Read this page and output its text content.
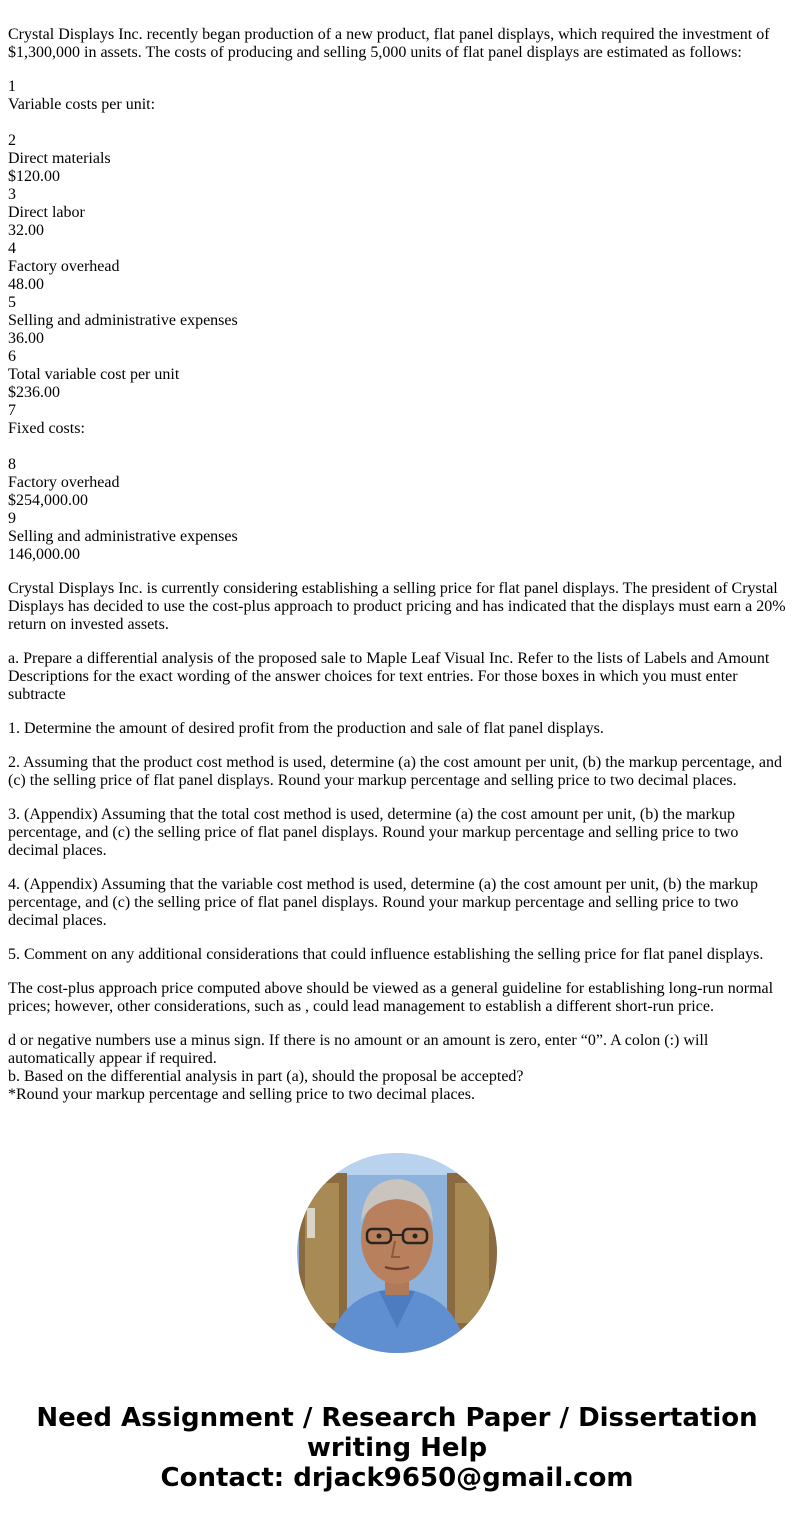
Crystal Displays Inc. recently began production of a new product, flat panel displays, which required the investment of $1,300,000 in assets. The costs of producing and selling 5,000 units of flat panel displays are estimated as follows:

1
Variable costs per unit:
2
Direct materials
$120.00
3
Direct labor
32.00
4
Factory overhead
48.00
5
Selling and administrative expenses
36.00
6
Total variable cost per unit
$236.00
7
Fixed costs:
8
Factory overhead
$254,000.00
9
Selling and administrative expenses
146,000.00

Crystal Displays Inc. is currently considering establishing a selling price for flat panel displays. The president of Crystal Displays has decided to use the cost-plus approach to product pricing and has indicated that the displays must earn a 20% return on invested assets.

a. Prepare a differential analysis of the proposed sale to Maple Leaf Visual Inc. Refer to the lists of Labels and Amount Descriptions for the exact wording of the answer choices for text entries. For those boxes in which you must enter subtracte

1. Determine the amount of desired profit from the production and sale of flat panel displays.

2. Assuming that the product cost method is used, determine (a) the cost amount per unit, (b) the markup percentage, and (c) the selling price of flat panel displays. Round your markup percentage and selling price to two decimal places.

3. (Appendix) Assuming that the total cost method is used, determine (a) the cost amount per unit, (b) the markup percentage, and (c) the selling price of flat panel displays. Round your markup percentage and selling price to two decimal places.

4. (Appendix) Assuming that the variable cost method is used, determine (a) the cost amount per unit, (b) the markup percentage, and (c) the selling price of flat panel displays. Round your markup percentage and selling price to two decimal places.

5. Comment on any additional considerations that could influence establishing the selling price for flat panel displays.

The cost-plus approach price computed above should be viewed as a general guideline for establishing long-run normal prices; however, other considerations, such as , could lead management to establish a different short-run price.

d or negative numbers use a minus sign. If there is no amount or an amount is zero, enter “0”. A colon (:) will automatically appear if required.
b. Based on the differential analysis in part (a), should the proposal be accepted?
*Round your markup percentage and selling price to two decimal places.
Need Assignment / Research Paper / Dissertation
writing Help
Contact: drjack9650@gmail.com
